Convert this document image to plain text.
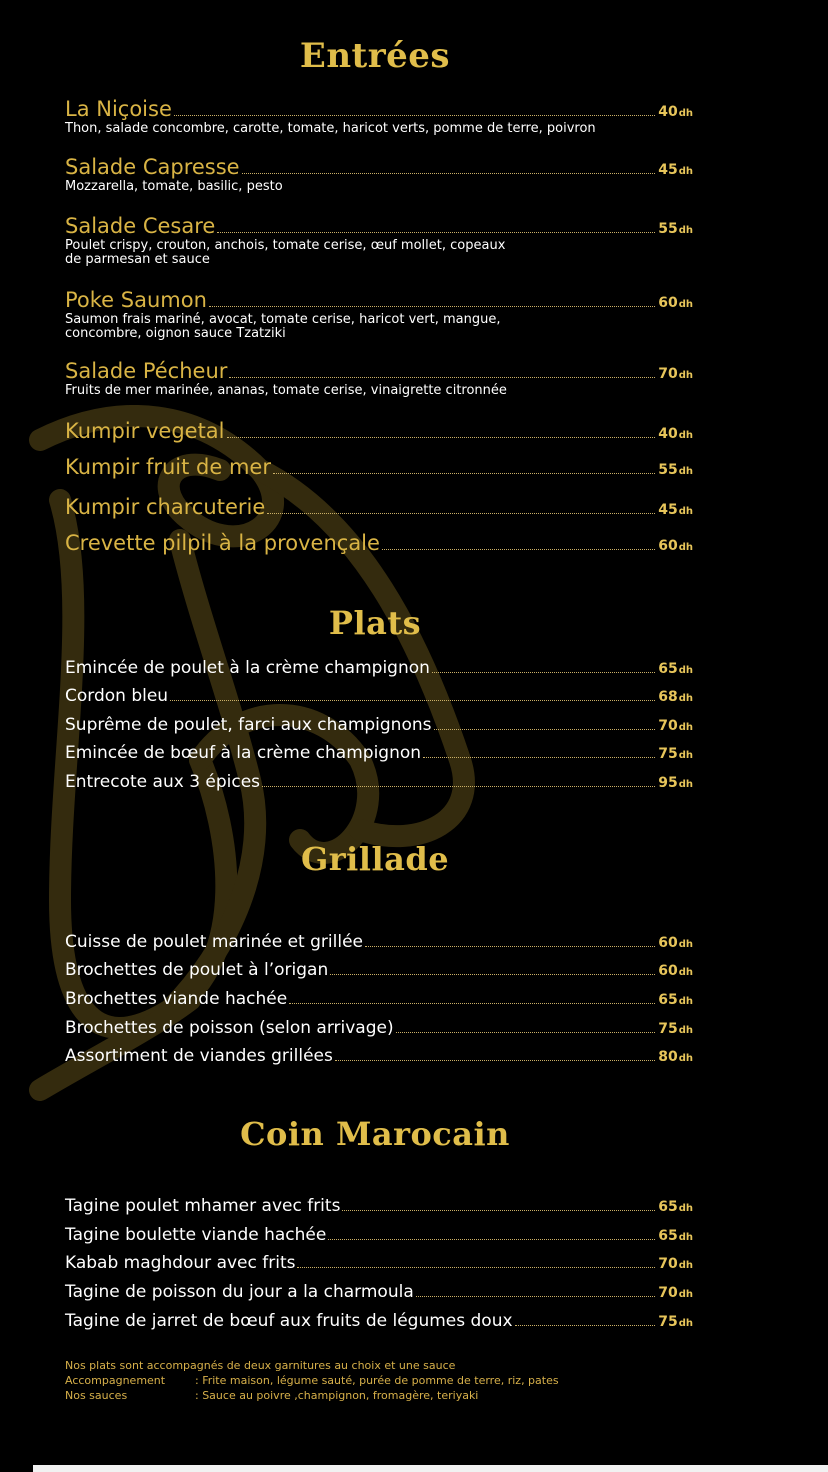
Entrées
La Niçoise	40dh
Thon, salade concombre, carotte, tomate, haricot verts, pomme de terre, poivron
Salade Capresse	45dh
Mozzarella, tomate, basilic, pesto
Salade Cesare	55dh
Poulet crispy, crouton, anchois, tomate cerise, œuf mollet, copeaux
de parmesan et sauce
Poke Saumon	60dh
Saumon frais mariné, avocat, tomate cerise, haricot vert, mangue,
concombre, oignon sauce Tzatziki
Salade Pécheur	70dh
Fruits de mer marinée, ananas, tomate cerise, vinaigrette citronnée
Kumpir vegetal	40dh
Kumpir fruit de mer	55dh
Kumpir charcuterie	45dh
Crevette pilpil à la provençale	60dh
Plats
Emincée de poulet à la crème champignon	65dh
Cordon bleu	68dh
Suprême de poulet, farci aux champignons	70dh
Emincée de bœuf à la crème champignon	75dh
Entrecote aux 3 épices	95dh
Grillade
Cuisse de poulet marinée et grillée	60dh
Brochettes de poulet à l’origan	60dh
Brochettes viande hachée	65dh
Brochettes de poisson (selon arrivage)	75dh
Assortiment de viandes grillées	80dh
Coin Marocain
Tagine poulet mhamer avec frits	65dh
Tagine boulette viande hachée	65dh
Kabab maghdour avec frits	70dh
Tagine de poisson du jour a la charmoula	70dh
Tagine de jarret de bœuf aux fruits de légumes doux	75dh
Nos plats sont accompagnés de deux garnitures au choix et une sauce
Accompagnement	: Frite maison, légume sauté, purée de pomme de terre, riz, pates
Nos sauces	: Sauce au poivre ,champignon, fromagère, teriyaki
